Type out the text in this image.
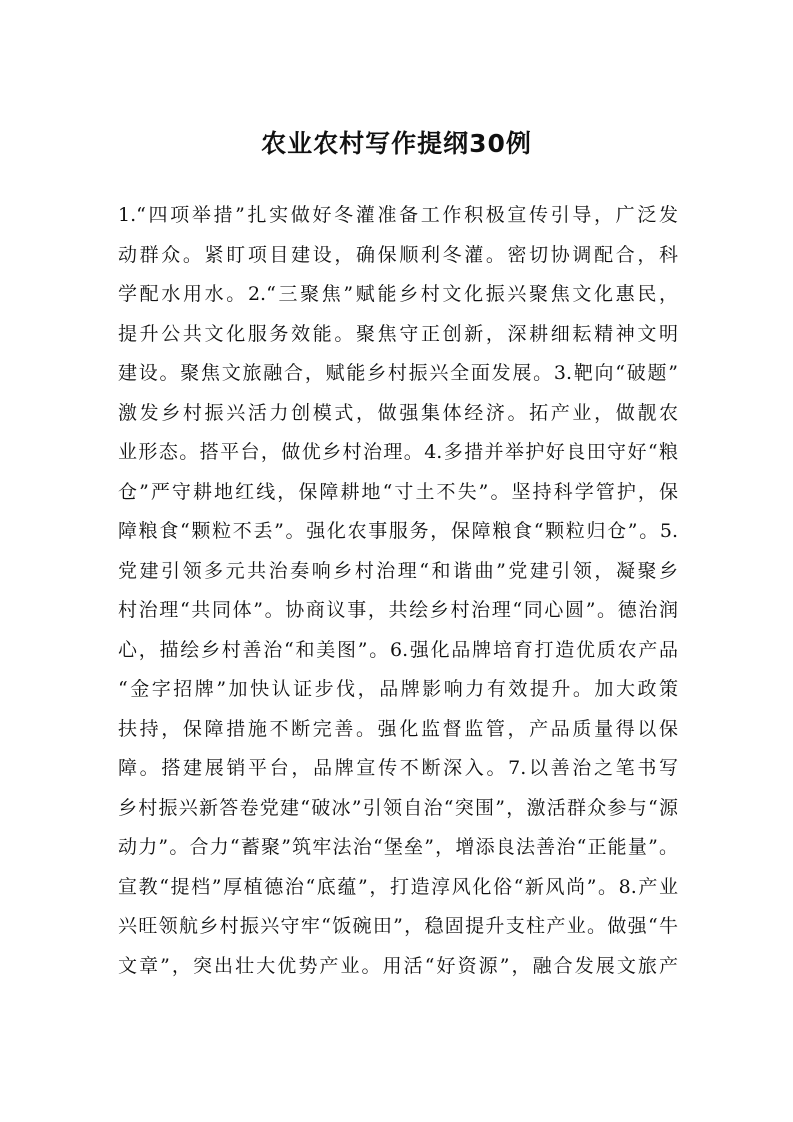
农业农村写作提纲30例
1.“四项举措”扎实做好冬灌准备工作积极宣传引导，广泛发
动群众。紧盯项目建设，确保顺利冬灌。密切协调配合，科
学配水用水。2.“三聚焦”赋能乡村文化振兴聚焦文化惠民，
提升公共文化服务效能。聚焦守正创新，深耕细耘精神文明
建设。聚焦文旅融合，赋能乡村振兴全面发展。3.靶向“破题”
激发乡村振兴活力创模式，做强集体经济。拓产业，做靓农
业形态。搭平台，做优乡村治理。4.多措并举护好良田守好“粮
仓”严守耕地红线，保障耕地“寸土不失”。坚持科学管护，保
障粮食“颗粒不丢”。强化农事服务，保障粮食“颗粒归仓”。5.
党建引领多元共治奏响乡村治理“和谐曲”党建引领，凝聚乡
村治理“共同体”。协商议事，共绘乡村治理“同心圆”。德治润
心，描绘乡村善治“和美图”。6.强化品牌培育打造优质农产品
“金字招牌”加快认证步伐，品牌影响力有效提升。加大政策
扶持，保障措施不断完善。强化监督监管，产品质量得以保
障。搭建展销平台，品牌宣传不断深入。7.以善治之笔书写
乡村振兴新答卷党建“破冰”引领自治“突围”，激活群众参与“源
动力”。合力“蓄聚”筑牢法治“堡垒”，增添良法善治“正能量”。
宣教“提档”厚植德治“底蕴”，打造淳风化俗“新风尚”。8.产业
兴旺领航乡村振兴守牢“饭碗田”，稳固提升支柱产业。做强“牛
文章”，突出壮大优势产业。用活“好资源”，融合发展文旅产
